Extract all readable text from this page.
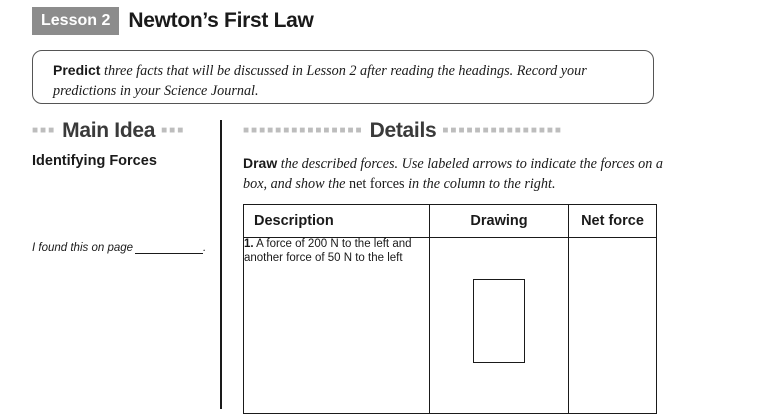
Lesson 2 Newton’s First Law
Predict three facts that will be discussed in Lesson 2 after reading the headings. Record your predictions in your Science Journal.
■■■ Main Idea ■■■	■■■■■■■■■■■■■■■ Details ■■■■■■■■■■■■■■■
Identifying Forces
I found this on page	.
Draw the described forces. Use labeled arrows to indicate the forces on a box, and show the net forces in the column to the right.
Description	Drawing	Net force
1. A force of 200 N to the left and another force of 50 N to the left	
